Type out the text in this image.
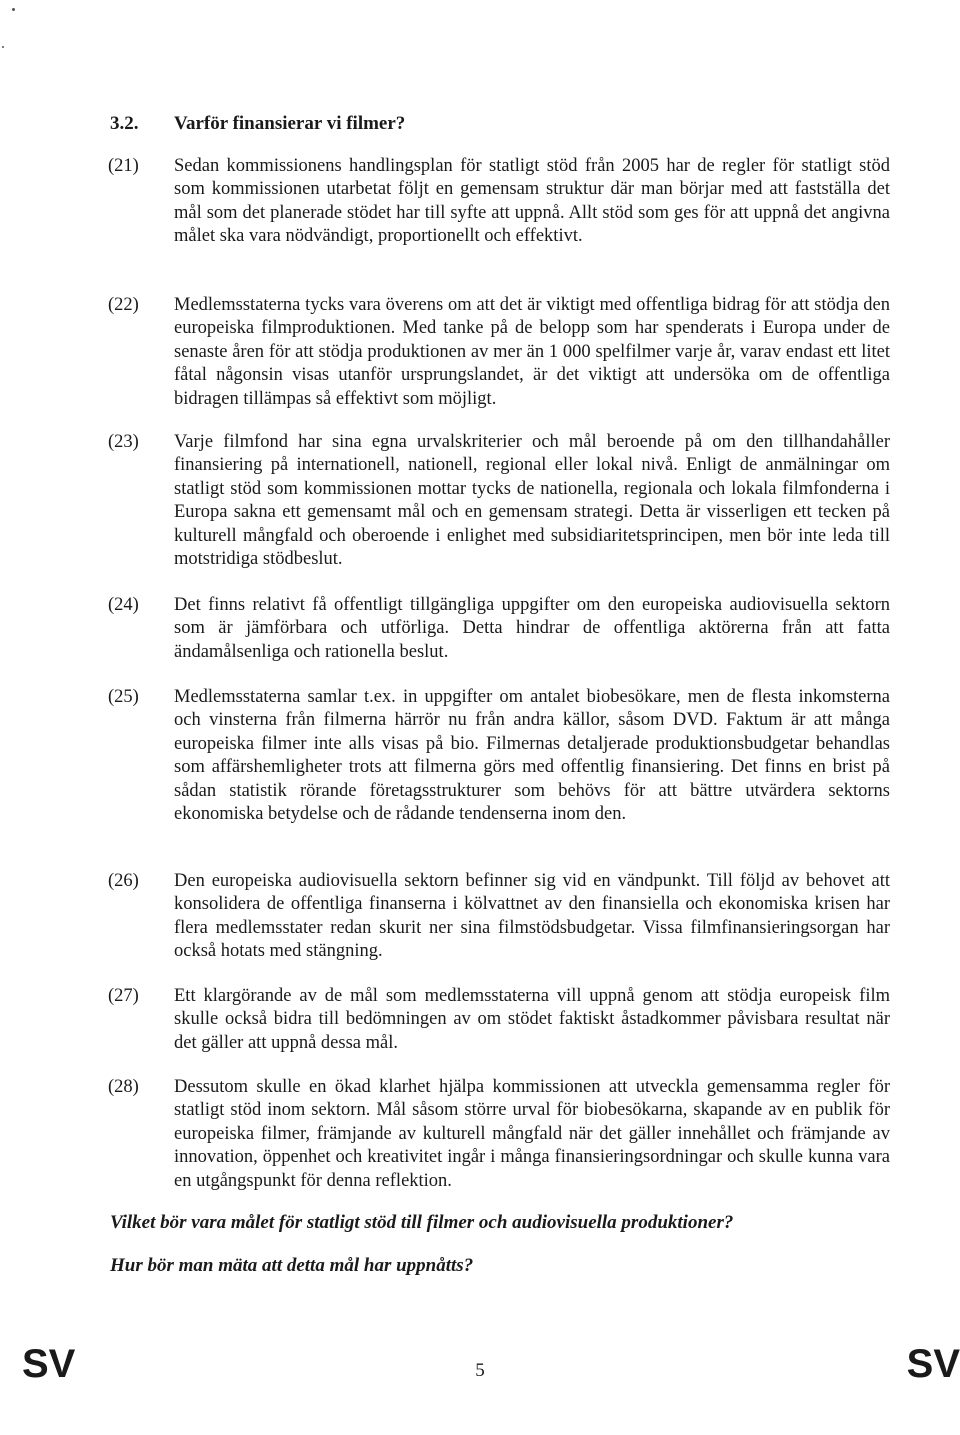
3.2.	Varför finansierar vi filmer?
(21)	Sedan kommissionens handlingsplan för statligt stöd från 2005 har de regler för statligt stöd som kommissionen utarbetat följt en gemensam struktur där man börjar med att fastställa det mål som det planerade stödet har till syfte att uppnå. Allt stöd som ges för att uppnå det angivna målet ska vara nödvändigt, proportionellt och effektivt.
(22)	Medlemsstaterna tycks vara överens om att det är viktigt med offentliga bidrag för att stödja den europeiska filmproduktionen. Med tanke på de belopp som har spenderats i Europa under de senaste åren för att stödja produktionen av mer än 1 000 spelfilmer varje år, varav endast ett litet fåtal någonsin visas utanför ursprungslandet, är det viktigt att undersöka om de offentliga bidragen tillämpas så effektivt som möjligt.
(23)	Varje filmfond har sina egna urvalskriterier och mål beroende på om den tillhandahåller finansiering på internationell, nationell, regional eller lokal nivå. Enligt de anmälningar om statligt stöd som kommissionen mottar tycks de nationella, regionala och lokala filmfonderna i Europa sakna ett gemensamt mål och en gemensam strategi. Detta är visserligen ett tecken på kulturell mångfald och oberoende i enlighet med subsidiaritetsprincipen, men bör inte leda till motstridiga stödbeslut.
(24)	Det finns relativt få offentligt tillgängliga uppgifter om den europeiska audiovisuella sektorn som är jämförbara och utförliga. Detta hindrar de offentliga aktörerna från att fatta ändamålsenliga och rationella beslut.
(25)	Medlemsstaterna samlar t.ex. in uppgifter om antalet biobesökare, men de flesta inkomsterna och vinsterna från filmerna härrör nu från andra källor, såsom DVD. Faktum är att många europeiska filmer inte alls visas på bio. Filmernas detaljerade produktionsbudgetar behandlas som affärshemligheter trots att filmerna görs med offentlig finansiering. Det finns en brist på sådan statistik rörande företagsstrukturer som behövs för att bättre utvärdera sektorns ekonomiska betydelse och de rådande tendenserna inom den.
(26)	Den europeiska audiovisuella sektorn befinner sig vid en vändpunkt. Till följd av behovet att konsolidera de offentliga finanserna i kölvattnet av den finansiella och ekonomiska krisen har flera medlemsstater redan skurit ner sina filmstödsbudgetar. Vissa filmfinansieringsorgan har också hotats med stängning.
(27)	Ett klargörande av de mål som medlemsstaterna vill uppnå genom att stödja europeisk film skulle också bidra till bedömningen av om stödet faktiskt åstadkommer påvisbara resultat när det gäller att uppnå dessa mål.
(28)	Dessutom skulle en ökad klarhet hjälpa kommissionen att utveckla gemensamma regler för statligt stöd inom sektorn. Mål såsom större urval för biobesökarna, skapande av en publik för europeiska filmer, främjande av kulturell mångfald när det gäller innehållet och främjande av innovation, öppenhet och kreativitet ingår i många finansieringsordningar och skulle kunna vara en utgångspunkt för denna reflektion.
Vilket bör vara målet för statligt stöd till filmer och audiovisuella produktioner?
Hur bör man mäta att detta mål har uppnåtts?
SV	5	SV
